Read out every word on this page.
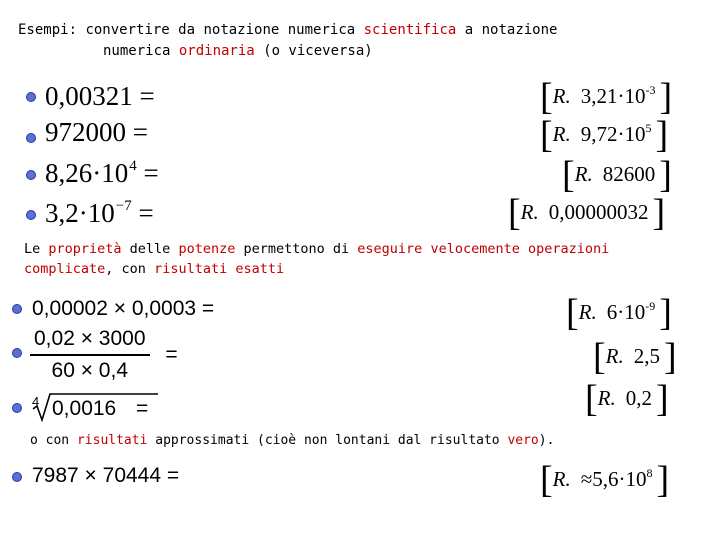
Esempi: convertire da notazione numerica scientifica a notazione
numerica ordinaria (o viceversa)
0,00321 =	[R. $3,21\cdot 10^{-3}$ ]
972000 =	[R. $9,72\cdot 10^5$ ]
$8,26\cdot 10^4$ =	[R. 82600 ]
$3,2\cdot 10^{-7}$ =	[R. 0,00000032 ]
Le proprietà delle potenze permettono di eseguire velocemente operazioni
complicate, con risultati esatti
0,00002 × 0,0003 =	[R. $6\cdot 10^{-9}$ ]
$\frac{0,02 \times 3000}{60 \times 0,4}$ =	[R. 2,5 ]
4 0,0016 =	[R. 0,2 ]
o con risultati approssimati (cioè non lontani dal risultato vero).
7987 × 70444 =	[R. $\approx 5,6\cdot 10^8$ ]
